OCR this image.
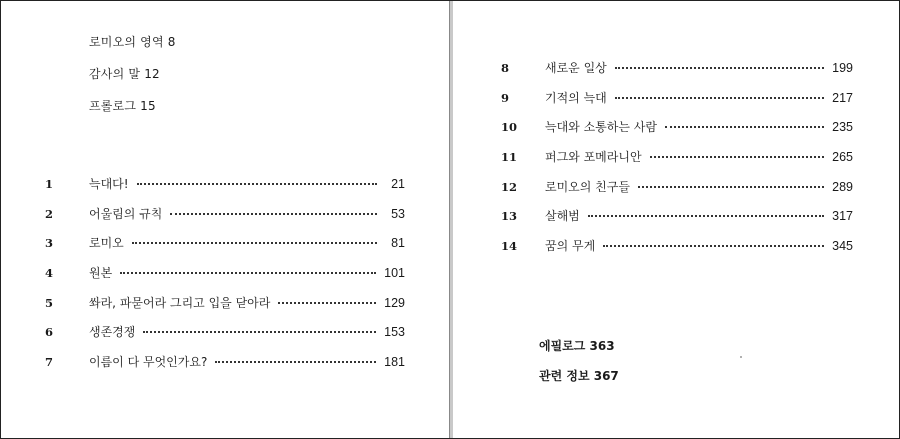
로미오의 영역 8
감사의 말 12
프롤로그 15
1	늑대다!	21
2	어울림의 규칙	53
3	로미오	81
4	원본	101
5	쏴라, 파묻어라 그리고 입을 닫아라	129
6	생존경쟁	153
7	이름이 다 무엇인가요?	181
8	새로운 일상	199
9	기적의 늑대	217
10	늑대와 소통하는 사람	235
11	퍼그와 포메라니안	265
12	로미오의 친구들	289
13	살해범	317
14	꿈의 무게	345
에필로그 363
관련 정보 367
